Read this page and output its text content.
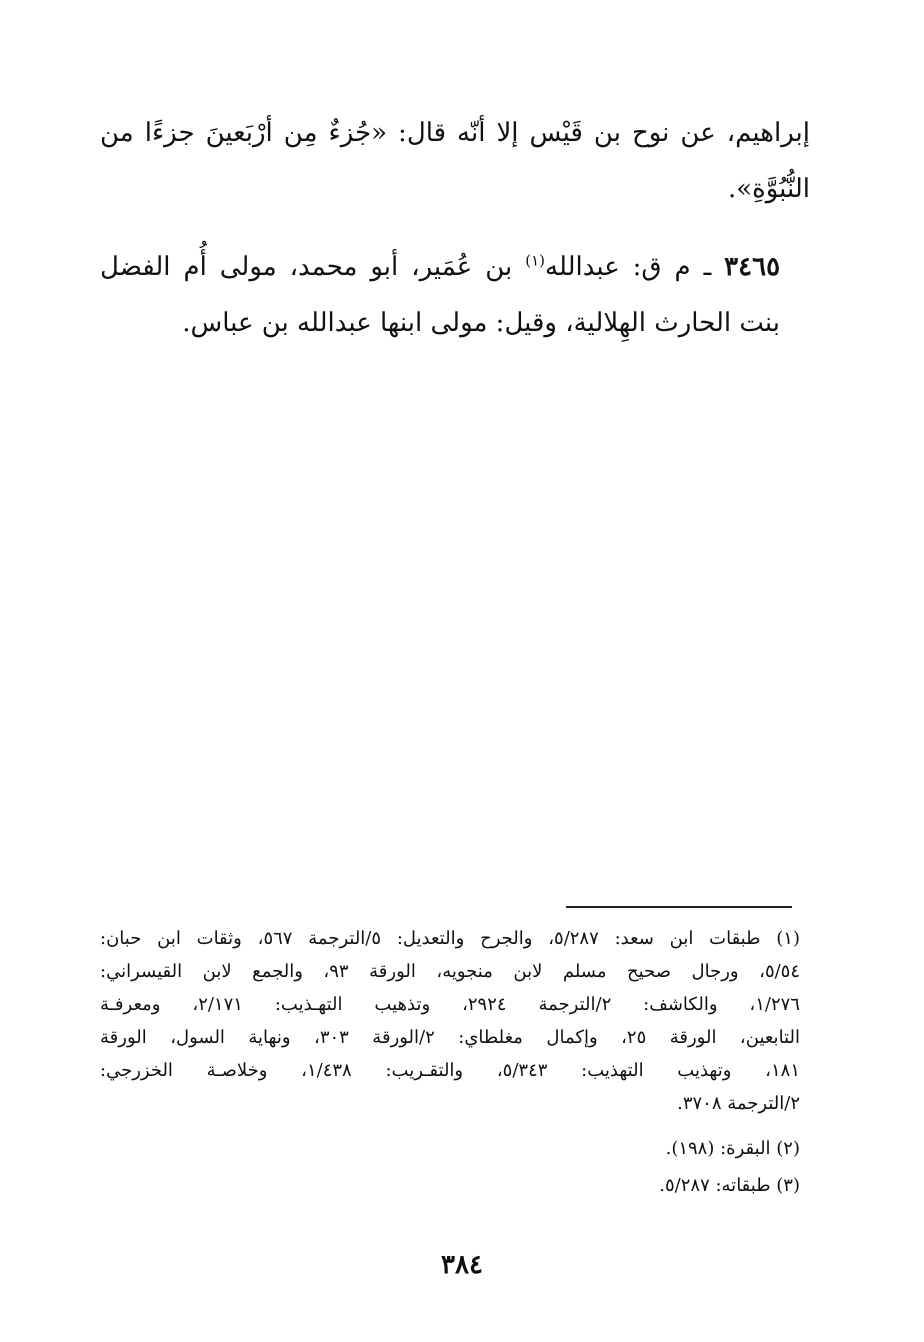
إبراهيم، عن نوح بن قَيْس إلا أنّه قال: «جُزءٌ مِن أرْبَعينَ جزءًا من
النُّبُوَّةِ».
٣٤٦٥ ـ م ق: عبدالله$^{(١)}$ بن عُمَير، أبو محمد، مولى أُم الفضل
بنت الحارث الهِلالية، وقيل: مولى ابنها عبدالله بن عباس.
(١) طبقات ابن سعد: ٥/٢٨٧، والجرح والتعديل: ٥/الترجمة ٥٦٧، وثقات ابن حبان:
٥/٥٤، ورجال صحيح مسلم لابن منجويه، الورقة ٩٣، والجمع لابن القيسراني:
١/٢٧٦، والكاشف: ٢/الترجمة ٢٩٢٤، وتذهيب التهـذيب: ٢/١٧١، ومعرفـة
التابعين، الورقة ٢٥، وإكمال مغلطاي: ٢/الورقة ٣٠٣، ونهاية السول، الورقة
١٨١، وتهذيب التهذيب: ٥/٣٤٣، والتقـريب: ١/٤٣٨، وخلاصـة الخزرجي:
٢/الترجمة ٣٧٠٨.
(٢) البقرة: (١٩٨).
(٣) طبقاته: ٥/٢٨٧.
٣٨٤
